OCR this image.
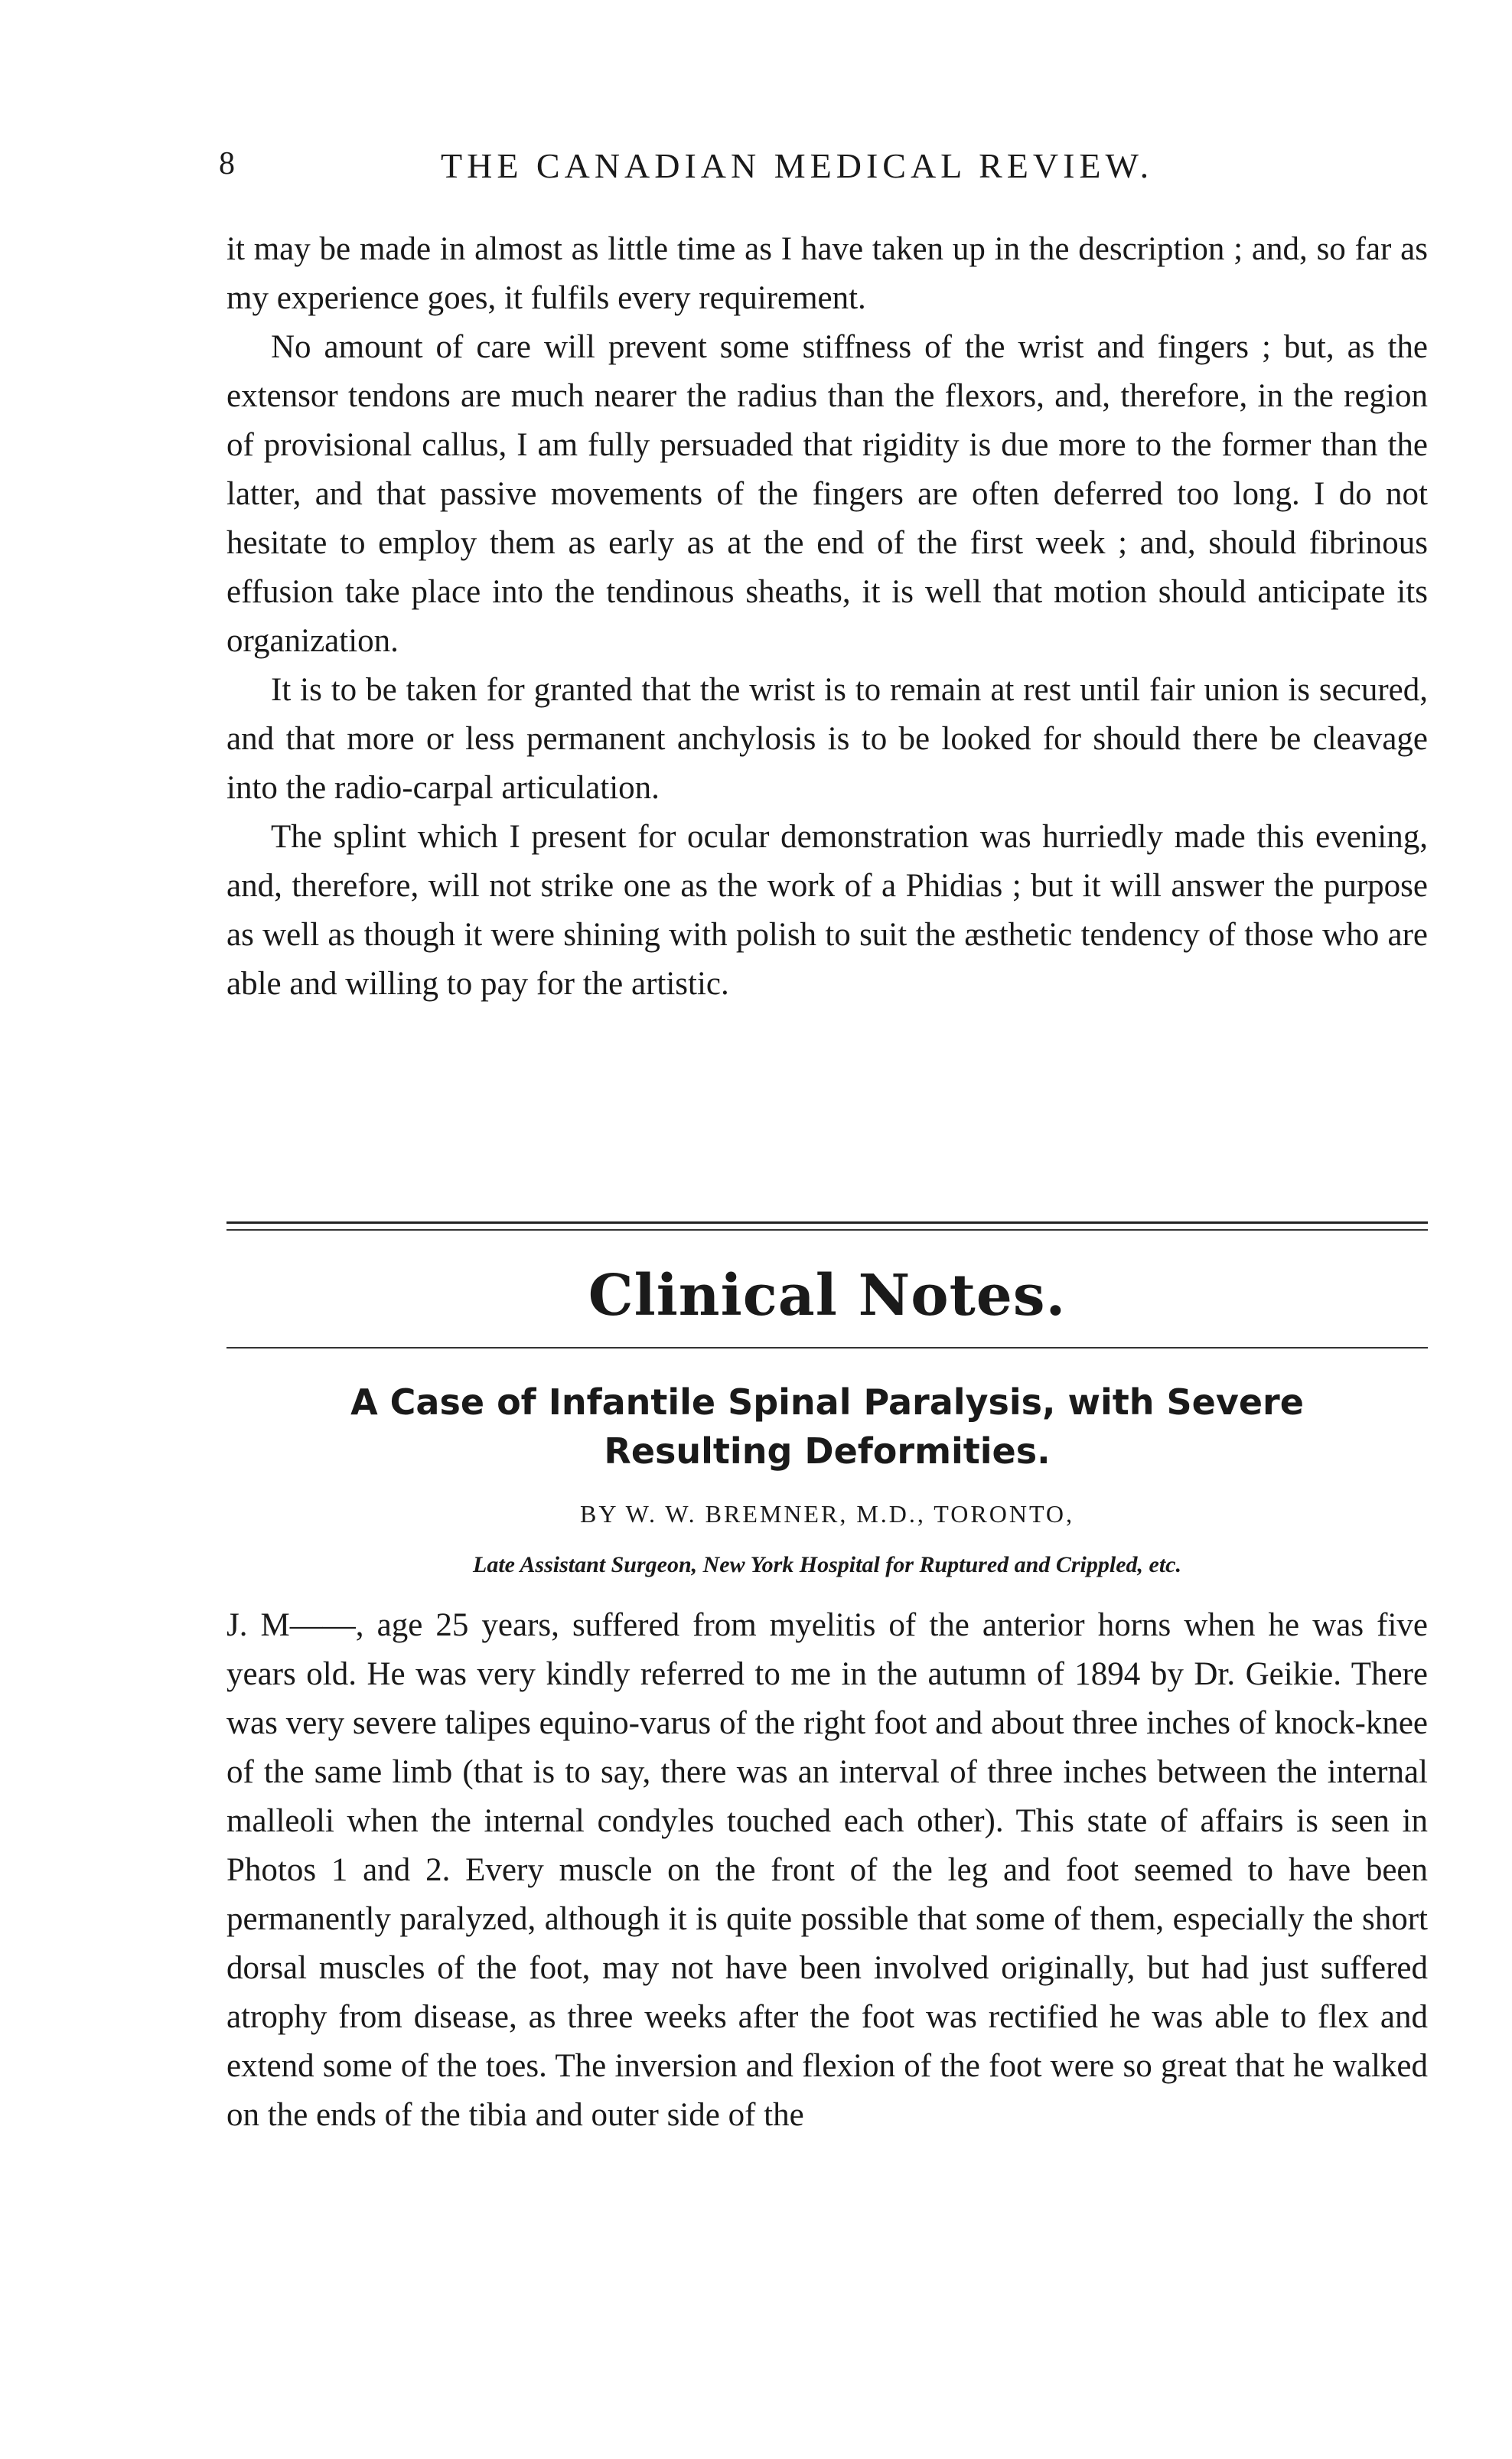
8	THE CANADIAN MEDICAL REVIEW.

it may be made in almost as little time as I have taken up in the description ; and, so far as my experience goes, it fulfils every requirement.

No amount of care will prevent some stiffness of the wrist and fingers ; but, as the extensor tendons are much nearer the radius than the flexors, and, therefore, in the region of provisional callus, I am fully persuaded that rigidity is due more to the former than the latter, and that passive movements of the fingers are often deferred too long. I do not hesitate to employ them as early as at the end of the first week ; and, should fibrinous effusion take place into the tendinous sheaths, it is well that motion should anticipate its organization.

It is to be taken for granted that the wrist is to remain at rest until fair union is secured, and that more or less permanent anchylosis is to be looked for should there be cleavage into the radio-carpal articulation.

The splint which I present for ocular demonstration was hurriedly made this evening, and, therefore, will not strike one as the work of a Phidias ; but it will answer the purpose as well as though it were shining with polish to suit the æsthetic tendency of those who are able and willing to pay for the artistic.

Clinical Notes.
A Case of Infantile Spinal Paralysis, with Severe Resulting Deformities.
BY W. W. BREMNER, M.D., TORONTO,
Late Assistant Surgeon, New York Hospital for Ruptured and Crippled, etc.

J. M——, age 25 years, suffered from myelitis of the anterior horns when he was five years old. He was very kindly referred to me in the autumn of 1894 by Dr. Geikie. There was very severe talipes equino-varus of the right foot and about three inches of knock-knee of the same limb (that is to say, there was an interval of three inches between the internal malleoli when the internal condyles touched each other). This state of affairs is seen in Photos 1 and 2. Every muscle on the front of the leg and foot seemed to have been permanently paralyzed, although it is quite possible that some of them, especially the short dorsal muscles of the foot, may not have been involved originally, but had just suffered atrophy from disease, as three weeks after the foot was rectified he was able to flex and extend some of the toes. The inversion and flexion of the foot were so great that he walked on the ends of the tibia and outer side of the
